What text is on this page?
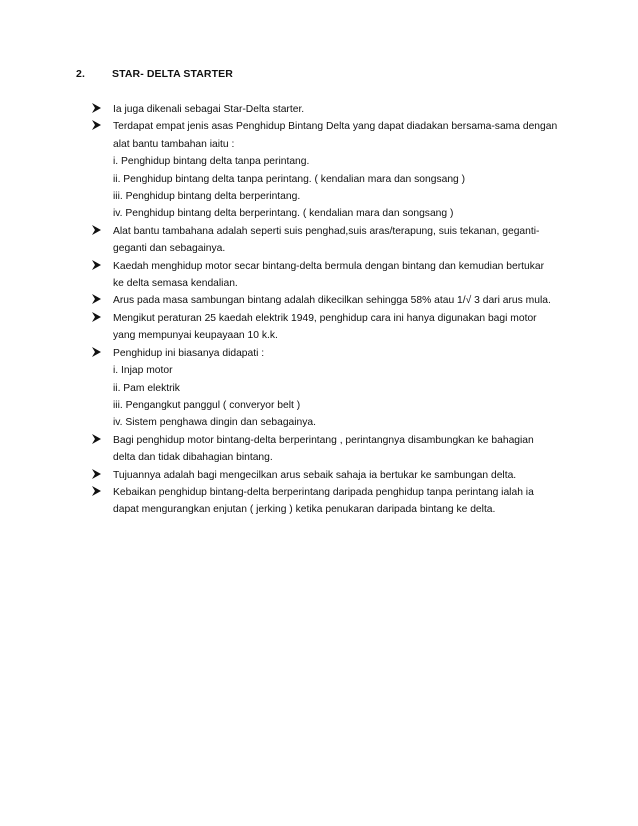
2.	STAR- DELTA STARTER
Ia juga dikenali sebagai Star-Delta starter.
Terdapat empat jenis asas Penghidup Bintang Delta yang dapat diadakan bersama-sama dengan
alat bantu tambahan iaitu :
i. Penghidup bintang delta tanpa perintang.
ii. Penghidup bintang delta tanpa perintang. ( kendalian mara dan songsang )
iii. Penghidup bintang delta berperintang.
iv. Penghidup bintang delta berperintang. ( kendalian mara dan songsang )
Alat bantu tambahana adalah seperti suis penghad,suis aras/terapung, suis tekanan, geganti-
geganti dan sebagainya.
Kaedah menghidup motor secar bintang-delta bermula dengan bintang dan kemudian bertukar
ke delta semasa kendalian.
Arus pada masa sambungan bintang adalah dikecilkan sehingga 58% atau 1/√ 3 dari arus mula.
Mengikut peraturan 25 kaedah elektrik 1949, penghidup cara ini hanya digunakan bagi motor
yang mempunyai keupayaan 10 k.k.
Penghidup ini biasanya didapati :
i. Injap motor
ii. Pam elektrik
iii. Pengangkut panggul ( converyor belt )
iv. Sistem penghawa dingin dan sebagainya.
Bagi penghidup motor bintang-delta berperintang , perintangnya disambungkan ke bahagian
delta dan tidak dibahagian bintang.
Tujuannya adalah bagi mengecilkan arus sebaik sahaja ia bertukar ke sambungan delta.
Kebaikan penghidup bintang-delta berperintang daripada penghidup tanpa perintang ialah ia
dapat mengurangkan enjutan ( jerking ) ketika penukaran daripada bintang ke delta.
